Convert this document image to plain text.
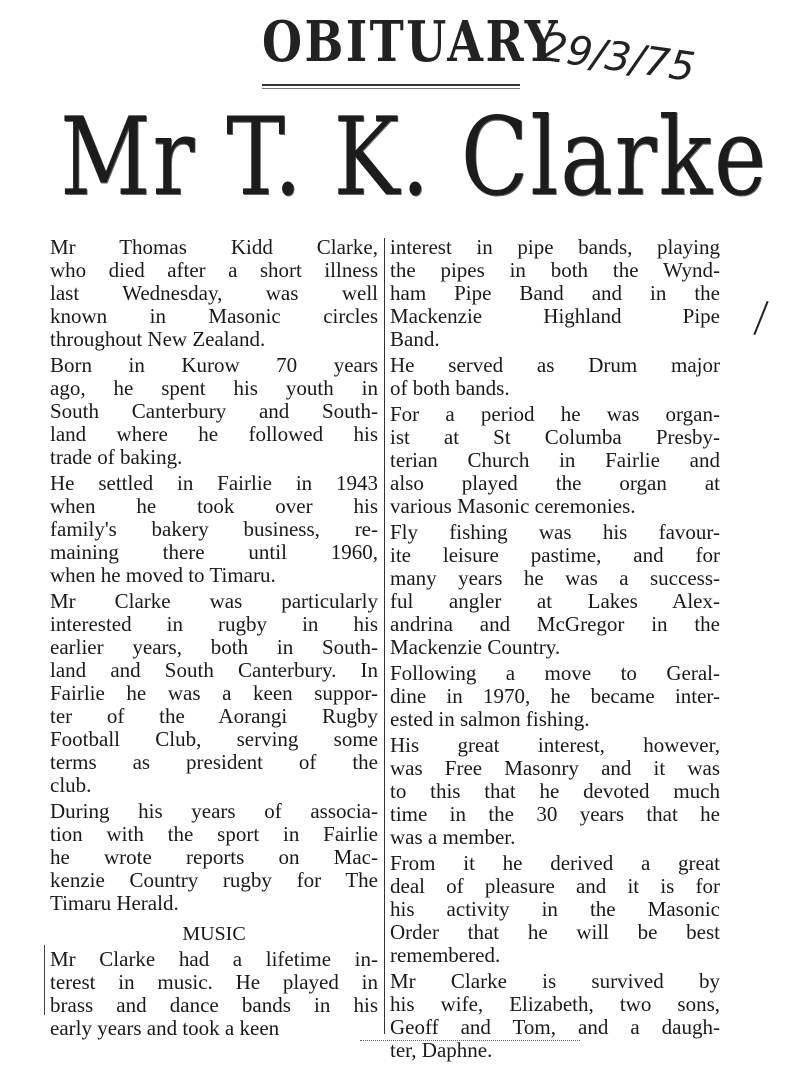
OBITUARY
29/3/75
Mr T. K. Clarke
Mr Thomas Kidd Clarke,
who died after a short illness
last Wednesday, was well
known in Masonic circles
throughout New Zealand.
Born in Kurow 70 years
ago, he spent his youth in
South Canterbury and South-
land where he followed his
trade of baking.
He settled in Fairlie in 1943
when he took over his
family's bakery business, re-
maining there until 1960,
when he moved to Timaru.
Mr Clarke was particularly
interested in rugby in his
earlier years, both in South-
land and South Canterbury. In
Fairlie he was a keen suppor-
ter of the Aorangi Rugby
Football Club, serving some
terms as president of the
club.
During his years of associa-
tion with the sport in Fairlie
he wrote reports on Mac-
kenzie Country rugby for The
Timaru Herald.
MUSIC
Mr Clarke had a lifetime in-
terest in music. He played in
brass and dance bands in his
early years and took a keen
interest in pipe bands, playing
the pipes in both the Wynd-
ham Pipe Band and in the
Mackenzie Highland Pipe
Band.
He served as Drum major
of both bands.
For a period he was organ-
ist at St Columba Presby-
terian Church in Fairlie and
also played the organ at
various Masonic ceremonies.
Fly fishing was his favour-
ite leisure pastime, and for
many years he was a success-
ful angler at Lakes Alex-
andrina and McGregor in the
Mackenzie Country.
Following a move to Geral-
dine in 1970, he became inter-
ested in salmon fishing.
His great interest, however,
was Free Masonry and it was
to this that he devoted much
time in the 30 years that he
was a member.
From it he derived a great
deal of pleasure and it is for
his activity in the Masonic
Order that he will be best
remembered.
Mr Clarke is survived by
his wife, Elizabeth, two sons,
Geoff and Tom, and a daugh-
ter, Daphne.
